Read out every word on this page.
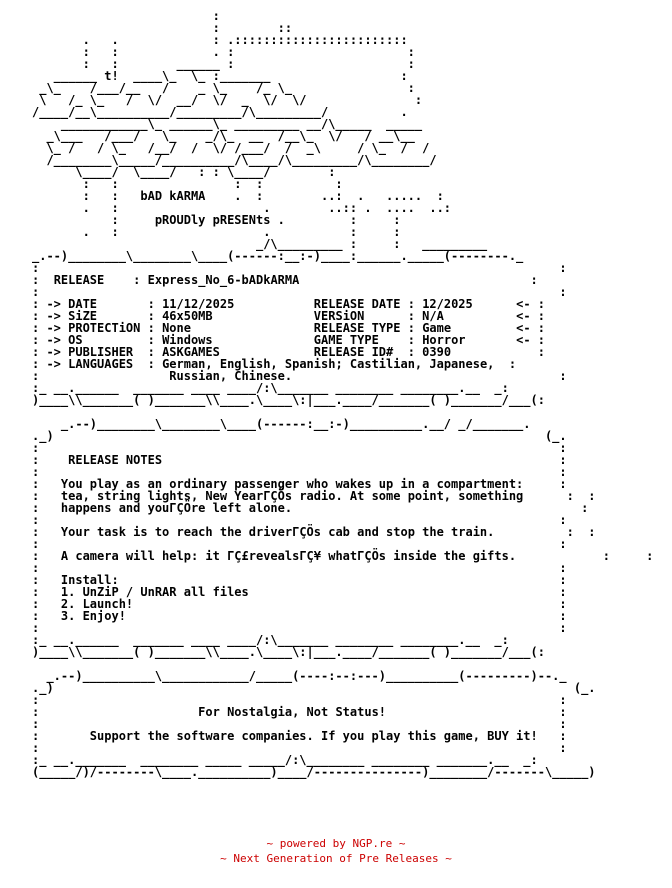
:
:        ::
.   .             : .::::::::::::::::::::::::
:   :             . :                        :
:   :        ______ :                        :
______ t!  ____\_  \_ :_______                  :
_\_    /___/__   /    _ \_    /_ \_                :
\   /_ \_   /  \/  __/  \/  _  \/  \/               :
/____/__\__________/_________/\_________/          .
____________\_ ______\_ _________ __/\_____  _____
_\___   /___/   \_    _/\_  __  /__\_  \/   / __\__
\_ /   / \_   /__/  /  \/ /___/  /  _\     / \_  /  /
/________\_____/__________/\____/\_________/\________/
\____/  \____/   : : \____/        :
:   :                :  :          :
:   :   bAD kARMA    .  :        ..:  .   .....  :
.   :                    .        ..:: .  ....  ..:
:     pROUDly pRESENts .         :     :
.   :                    .           :     :
_/\_________ :     :   _________
_.--)________\________\____(------:__:-)____:______._____(--------._
:                                                                        :
:  RELEASE    : Express_No_6-bADkARMA	:
:                                                                        :
: -> DATE       : 11/12/2025	RELEASE DATE : 12/2025	<- :
: -> SiZE       : 46x50MB	VERSiON      : N/A	<- :
: -> PROTECTiON : None	RELEASE TYPE : Game	<- :
: -> OS         : Windows	GAME TYPE    : Horror	<- :
: -> PUBLISHER  : ASKGAMES	RELEASE ID#  : 0390	:
: -> LANGUAGES  : German, English, Spanish; Castilian, Japanese,  :
:	Russian, Chinese.	:
:_ __.______  _______ ____ ____/:\_______ ________ ________.__  _:
)____\\_______( )_______\\____.\____\:|___.____/_______( )_______/___(:

_.--)________\________\____(------:__:-)__________.__/ _/_______.
._)                                                                    (_.
:                                                                        :
:    RELEASE NOTES	:
:                                                                        :
:   You play as an ordinary passenger who wakes up in a compartment:	:
:   tea, string lights, New YearΓÇÖs radio. At some point, something	:  :
:   happens and youΓÇÖre left alone.	:
:                                                                        :
:   Your task is to reach the driverΓÇÖs cab and stop the train.	:  :
:                                                                        :
:   A camera will help: it ΓÇ£revealsΓÇ¥ whatΓÇÖs inside the gifts.	:     :
:                                                                        :
:   Install:	:
:   1. UnZiP / UnRAR all files	:
:   2. Launch!	:
:   3. Enjoy!	:
:                                                                        :
:_ __.______  _______ ____ ____/:\_______ ________ ________.__  _:
)____\\_______( )_______\\____.\____\:|___.____/_______( )_______/___(:

_.--)__________\____________/_____(----:--:---)__________(---------)--._
._)                                                                        (_.
:                                                                        :
:	For Nostalgia, Not Status!	:
:                                                                        :
:	Support the software companies. If you play this game, BUY it!   :
:                                                                        :
:_ __._______  ________ _____ _____/:\________ ________ _______.__  _:
(_____/)/--------\____.__________)____/---------------)________/-------\_____)
~ powered by NGP.re ~
~ Next Generation of Pre Releases ~
